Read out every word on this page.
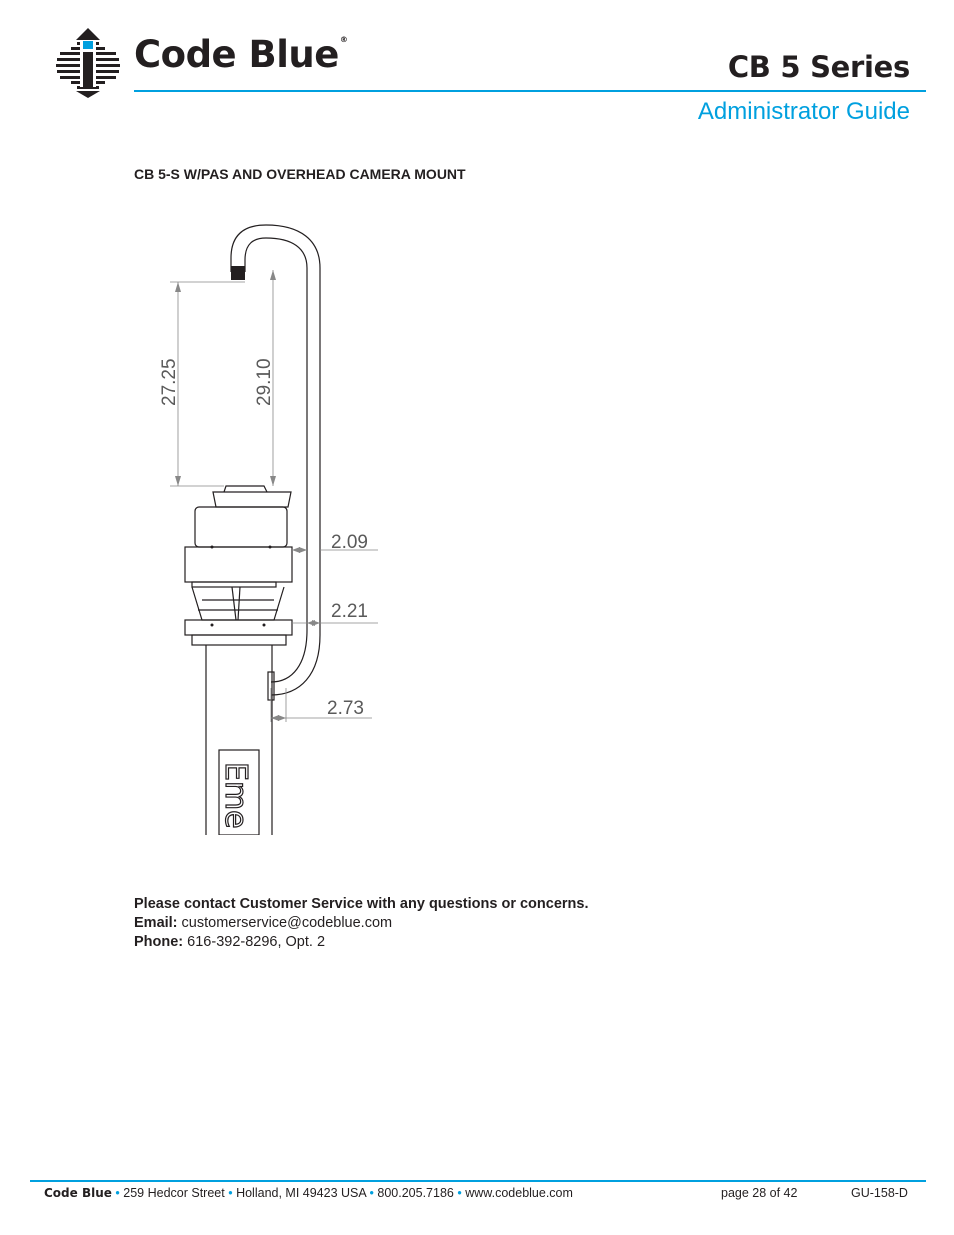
Code Blue®
CB 5 Series
Administrator Guide
CB 5-S W/PAS AND OVERHEAD CAMERA MOUNT
27.25	29.10
2.09
2.21
2.73
Eme
Please contact Customer Service with any questions or concerns.
Email: customerservice@codeblue.com
Phone: 616-392-8296, Opt. 2
Code Blue • 259 Hedcor Street • Holland, MI 49423 USA • 800.205.7186 • www.codeblue.com	page 28 of 42	GU-158-D
